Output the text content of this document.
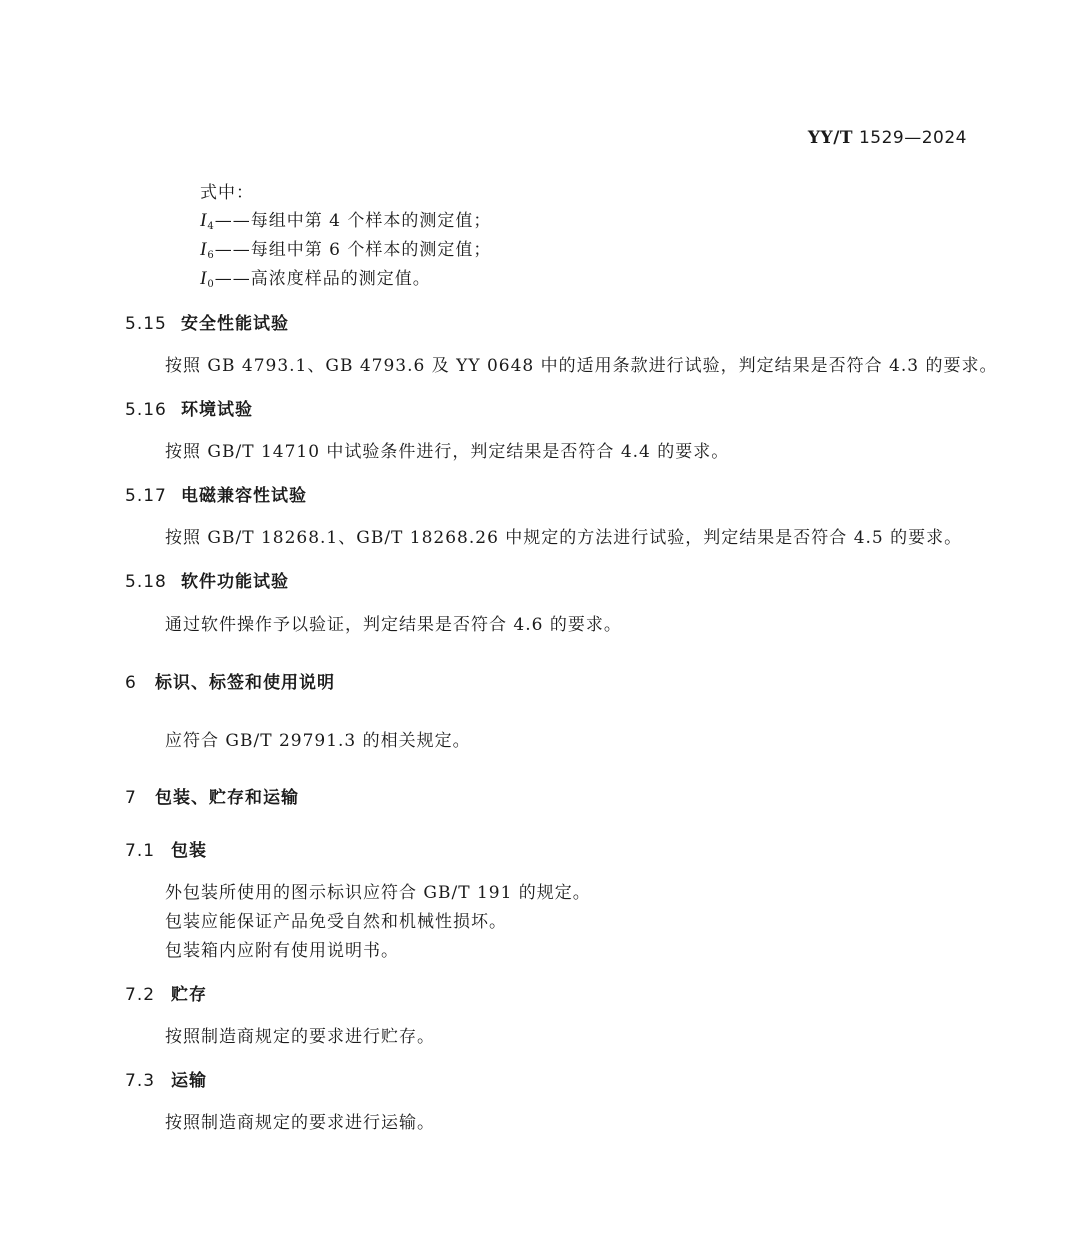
YY/T 1529—2024
式中：
I4——每组中第 4 个样本的测定值；
I6——每组中第 6 个样本的测定值；
I0——高浓度样品的测定值。
5.15 安全性能试验
按照 GB 4793.1、GB 4793.6 及 YY 0648 中的适用条款进行试验，判定结果是否符合 4.3 的要求。
5.16 环境试验
按照 GB/T 14710 中试验条件进行，判定结果是否符合 4.4 的要求。
5.17 电磁兼容性试验
按照 GB/T 18268.1、GB/T 18268.26 中规定的方法进行试验，判定结果是否符合 4.5 的要求。
5.18 软件功能试验
通过软件操作予以验证，判定结果是否符合 4.6 的要求。
6 标识、标签和使用说明
应符合 GB/T 29791.3 的相关规定。
7 包装、贮存和运输
7.1 包装
外包装所使用的图示标识应符合 GB/T 191 的规定。
包装应能保证产品免受自然和机械性损坏。
包装箱内应附有使用说明书。
7.2 贮存
按照制造商规定的要求进行贮存。
7.3 运输
按照制造商规定的要求进行运输。
